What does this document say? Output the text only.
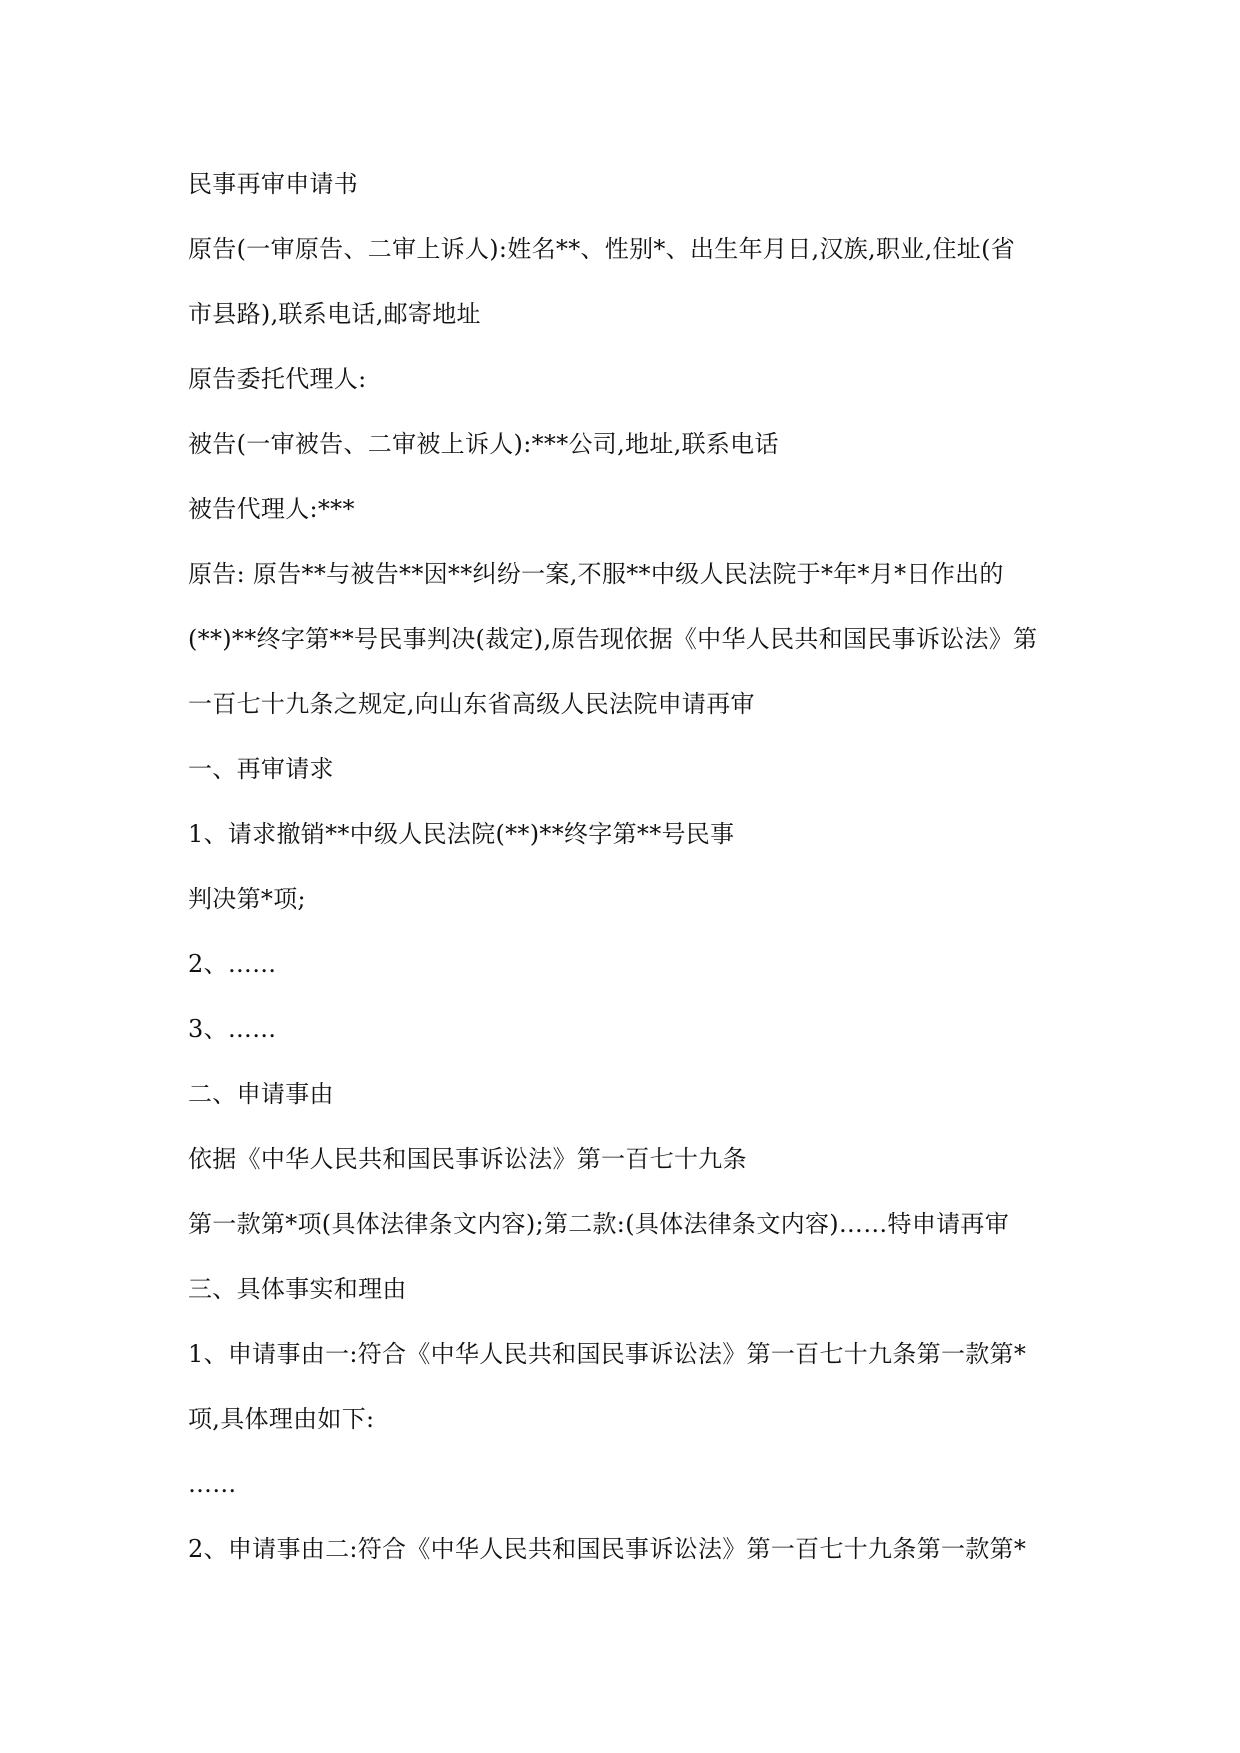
民事再审申请书

原告(一审原告、二审上诉人):姓名**、性别*、出生年月日,汉族,职业,住址(省

市县路),联系电话,邮寄地址

原告委托代理人:

被告(一审被告、二审被上诉人):***公司,地址,联系电话

被告代理人:***

原告: 原告**与被告**因**纠纷一案,不服**中级人民法院于*年*月*日作出的

(**)**终字第**号民事判决(裁定),原告现依据《中华人民共和国民事诉讼法》第

一百七十九条之规定,向山东省高级人民法院申请再审

一、再审请求

1、请求撤销**中级人民法院(**)**终字第**号民事

判决第*项;

2、……

3、……

二、申请事由

依据《中华人民共和国民事诉讼法》第一百七十九条

第一款第*项(具体法律条文内容);第二款:(具体法律条文内容)……特申请再审

三、具体事实和理由

1、申请事由一:符合《中华人民共和国民事诉讼法》第一百七十九条第一款第*

项,具体理由如下:

……

2、申请事由二:符合《中华人民共和国民事诉讼法》第一百七十九条第一款第*
